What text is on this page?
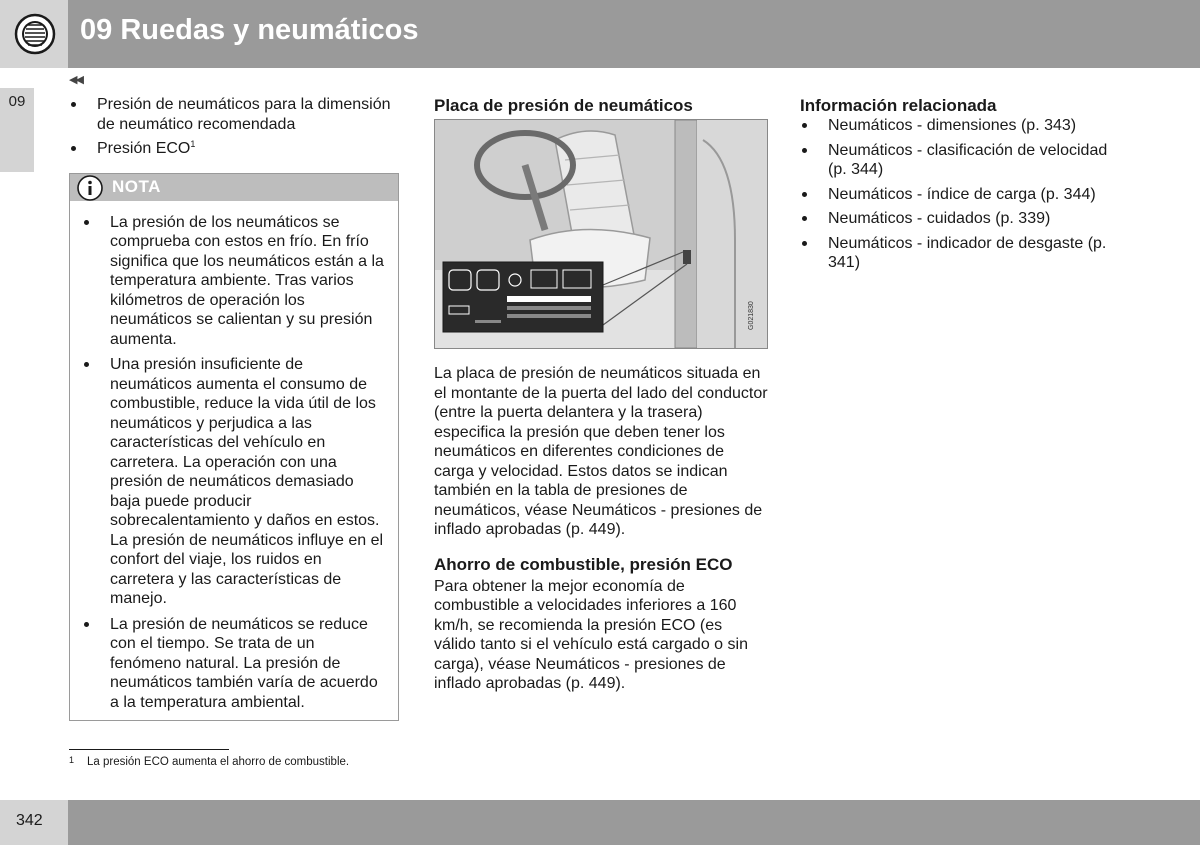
09 Ruedas y neumáticos
09
◀◀
Presión de neumáticos para la dimensión de neumático recomendada
Presión ECO$^1$
NOTA
La presión de los neumáticos se comprueba con estos en frío. En frío significa que los neumáticos están a la temperatura ambiente. Tras varios kilómetros de operación los neumáticos se calientan y su presión aumenta.
Una presión insuficiente de neumáticos aumenta el consumo de combustible, reduce la vida útil de los neumáticos y perjudica a las características del vehículo en carretera. La operación con una presión de neumáticos demasiado baja puede producir sobrecalentamiento y daños en estos. La presión de neumáticos influye en el confort del viaje, los ruidos en carretera y las características de manejo.
La presión de neumáticos se reduce con el tiempo. Se trata de un fenómeno natural. La presión de neumáticos también varía de acuerdo a la temperatura ambiental.
Placa de presión de neumáticos
G021830

La placa de presión de neumáticos situada en el montante de la puerta del lado del conductor (entre la puerta delantera y la trasera) especifica la presión que deben tener los neumáticos en diferentes condiciones de carga y velocidad. Estos datos se indican también en la tabla de presiones de neumáticos, véase Neumáticos - presiones de inflado aprobadas (p. 449).

Ahorro de combustible, presión ECO

Para obtener la mejor economía de combustible a velocidades inferiores a 160 km/h, se recomienda la presión ECO (es válido tanto si el vehículo está cargado o sin carga), véase Neumáticos - presiones de inflado aprobadas (p. 449).

Información relacionada
Neumáticos - dimensiones (p. 343)
Neumáticos - clasificación de velocidad (p. 344)
Neumáticos - índice de carga (p. 344)
Neumáticos - cuidados (p. 339)
Neumáticos - indicador de desgaste (p. 341)
1 La presión ECO aumenta el ahorro de combustible.
342
